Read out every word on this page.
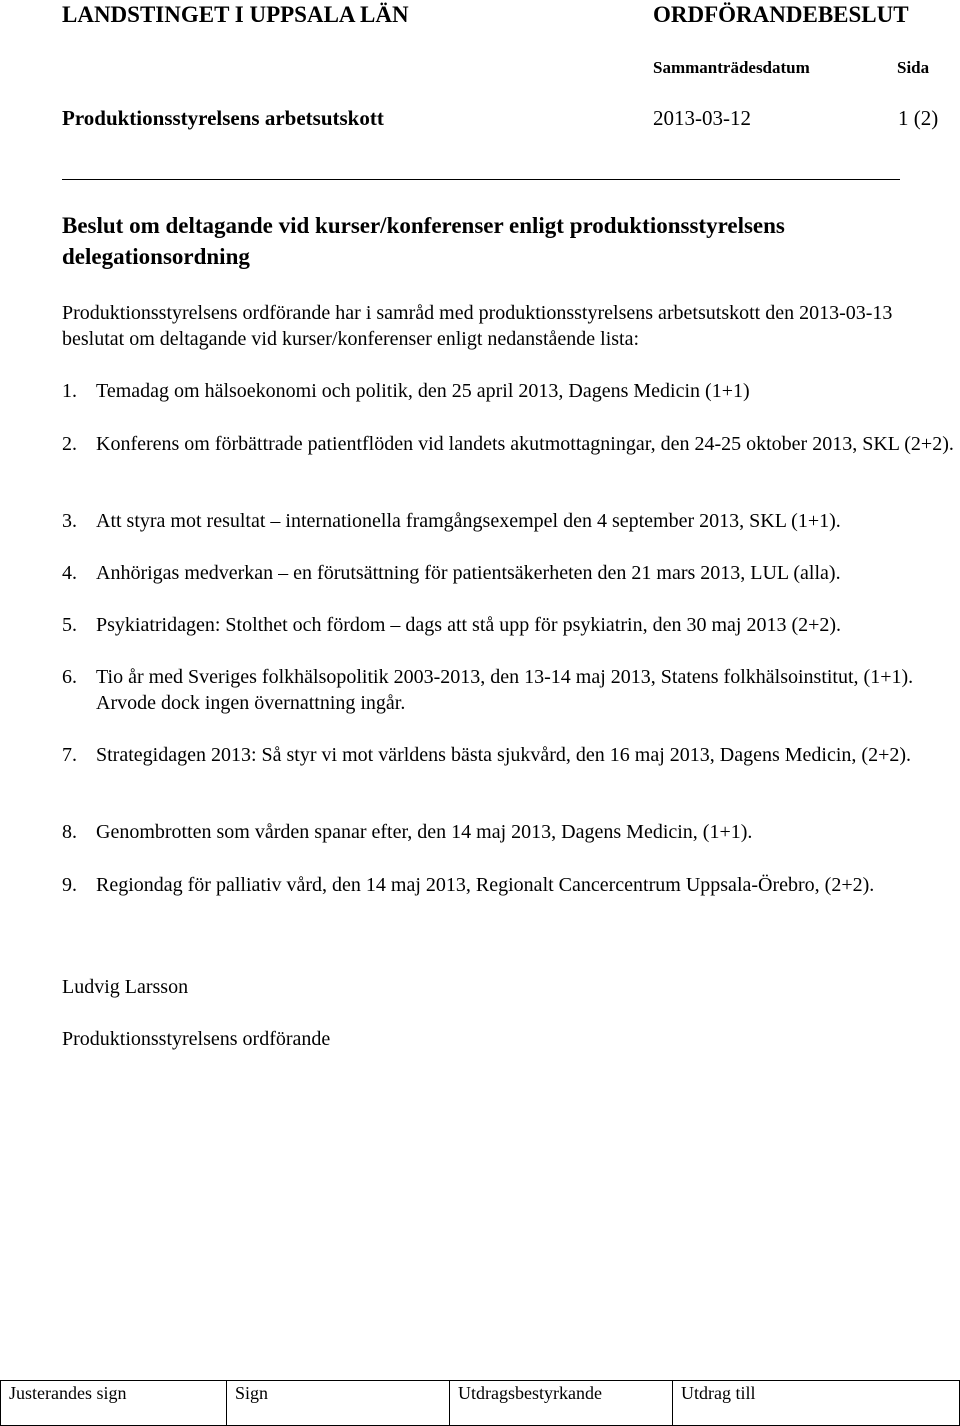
LANDSTINGET I UPPSALA LÄN	ORDFÖRANDEBESLUT
Sammanträdesdatum	Sida
Produktionsstyrelsens arbetsutskott	2013-03-12	1 (2)
Beslut om deltagande vid kurser/konferenser enligt produktionsstyrelsens delegationsordning
Produktionsstyrelsens ordförande har i samråd med produktionsstyrelsens arbetsutskott den 2013-03-13 beslutat om deltagande vid kurser/konferenser enligt nedanstående lista:
1. Temadag om hälsoekonomi och politik, den 25 april 2013, Dagens Medicin (1+1)
2. Konferens om förbättrade patientflöden vid landets akutmottagningar, den 24-25 oktober 2013, SKL (2+2).
3. Att styra mot resultat – internationella framgångsexempel den 4 september 2013, SKL (1+1).
4. Anhörigas medverkan – en förutsättning för patientsäkerheten den 21 mars 2013, LUL (alla).
5. Psykiatridagen: Stolthet och fördom – dags att stå upp för psykiatrin, den 30 maj 2013 (2+2).
6. Tio år med Sveriges folkhälsopolitik 2003-2013, den 13-14 maj 2013, Statens folkhälsoinstitut, (1+1). Arvode dock ingen övernattning ingår.
7. Strategidagen 2013: Så styr vi mot världens bästa sjukvård, den 16 maj 2013, Dagens Medicin, (2+2).
8. Genombrotten som vården spanar efter, den 14 maj 2013, Dagens Medicin, (1+1).
9. Regiondag för palliativ vård, den 14 maj 2013, Regionalt Cancercentrum Uppsala-Örebro, (2+2).
Ludvig Larsson
Produktionsstyrelsens ordförande
Justerandes sign	Sign	Utdragsbestyrkande	Utdrag till
